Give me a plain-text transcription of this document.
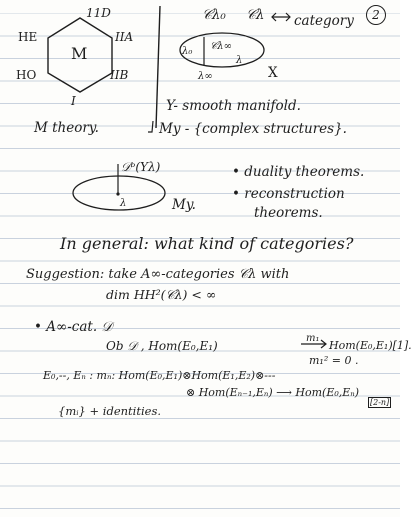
2
11D
IIA
IIB
I
HE
HO
M
𝒞λ₀ 𝒞λ category
𝒞λ∞
λ₀
λ
λ∞	X
Y- smooth manifold.
M theory.	My - {complex structures}.
𝒟ᵇ(Yλ)
λ	My.
• duality theorems.
• reconstruction
theorems.
In general: what kind of categories?
Suggestion: take A∞-categories 𝒞λ with
dim HH²(𝒞λ) < ∞
• A∞-cat. 𝒟
Ob 𝒟 , Hom(E₀,E₁)
m₁
Hom(E₀,E₁)[1].
m₁² = 0 .
E₀,--, Eₙ : mₙ: Hom(E₀,E₁)⊗Hom(E₁,E₂)⊗---
⊗ Hom(Eₙ₋₁,Eₙ) ⟶ Hom(E₀,Eₙ)
[2-n]
{mᵢ} + identities.
